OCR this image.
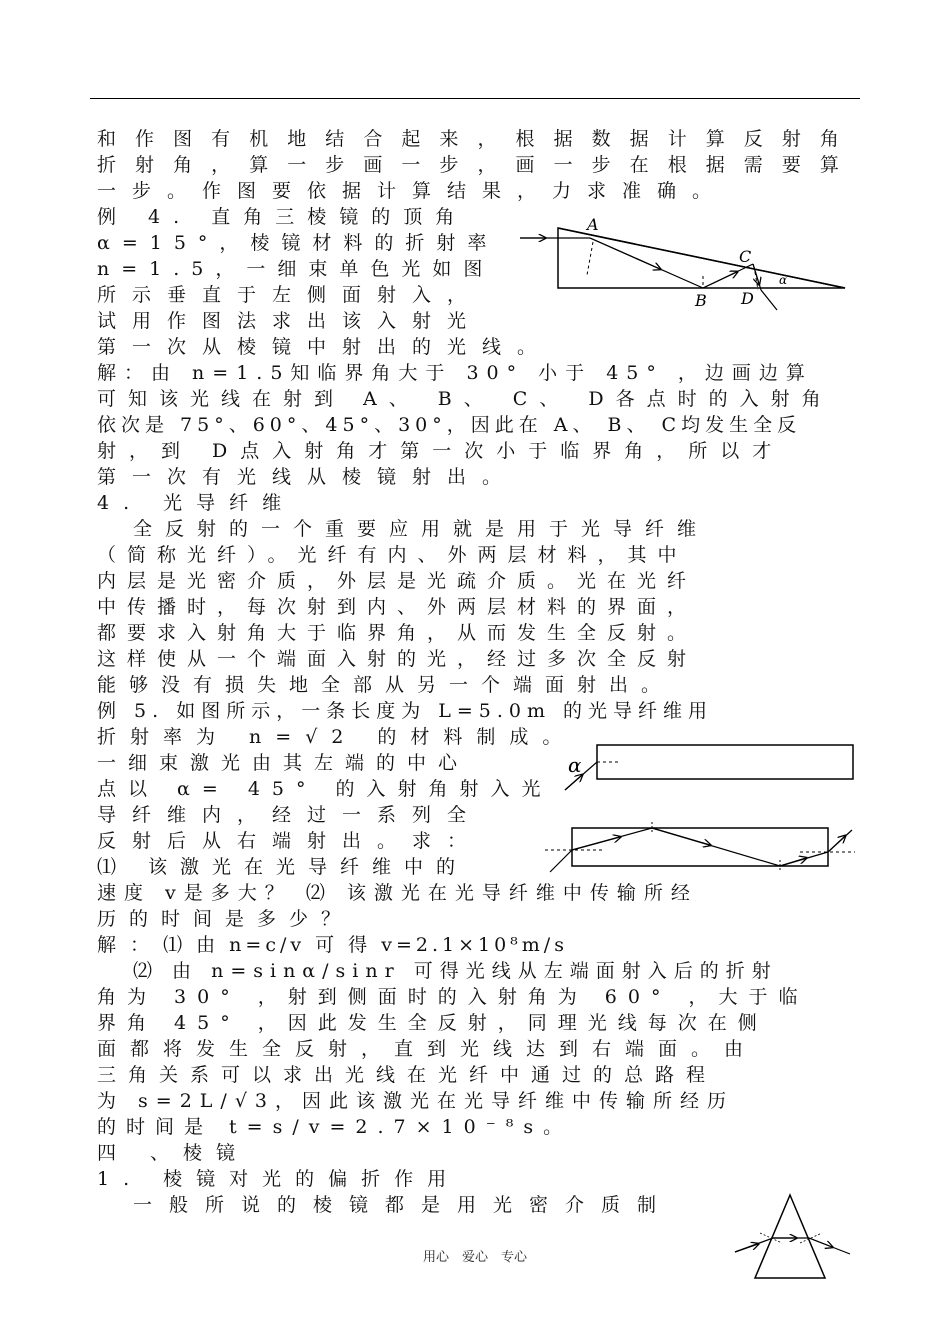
和 作 图 有 机 地 结 合 起 来 ， 根 据 数 据 计 算 反 射 角
折 射 角 ， 算 一 步 画 一 步 ， 画 一 步 在 根 据 需 要 算
一步。作图要依据计算结果，力求准确。
例 4. 直角三棱镜的顶角
α=15°，棱镜材料的折射率
n=1.5，一细束单色光如图
所示垂直于左侧面射入，
试用作图法求出该入射光
第一次从棱镜中射出的光线。
解：由 n=1.5知临界角大于 30° 小于 45° ，边画边算
可知该光线在射到 A、 B、 C、 D各点时的入射角
依次是 75°、60°、45°、30°，因此在 A、 B、 C均发生全反
射，到 D点入射角才第一次小于临界角，所以才
第一次有光线从棱镜射出。
4. 光导纤维
全反射的一个重要应用就是用于光导纤维
（简称光纤）。光纤有内、外两层材料，其中
内层是光密介质，外层是光疏介质。光在光纤
中传播时，每次射到内、外两层材料的界面，
都要求入射角大于临界角，从而发生全反射。
这样使从一个端面入射的光，经过多次全反射
能够没有损失地全部从另一个端面射出。
例 5. 如图所示，一条长度为 L=5.0m 的光导纤维用
折射率为 n=√2 的材料制成。
一细束激光由其左端的中心
点以 α= 45° 的入射角射入光
导纤维内，经过一系列全
反射后从右端射出。求：
⑴ 该激光在光导纤维中的
速度 v是多大？ ⑵ 该激光在光导纤维中传输所经
历的时间是多少？
解 ： ⑴ 由 n=c/v 可 得 v=2.1×10⁸m/s
⑵ 由 n=sinα/sinr 可得光线从左端面射入后的折射
角为 30° ，射到侧面时的入射角为 60° ，大于临
界角 45° ，因此发生全反射，同理光线每次在侧
面都将发生全反射，直到光线达到右端面。由
三角关系可以求出光线在光纤中通过的总路程
为 s=2L/√3，因此该激光在光导纤维中传输所经历
的时间是 t=s/v=2.7×10⁻⁸s。
四 、棱镜
1. 棱镜对光的偏折作用
一般所说的棱镜都是用光密介质制
A
B
C
D
α
α
用心　爱心　专心
